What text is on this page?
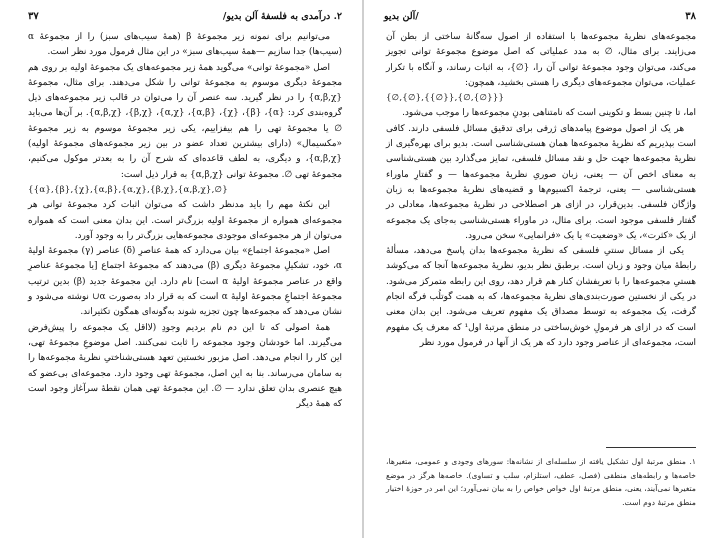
۲. درآمدی به فلسفهٔ آلن بدیو/
۳۷

می‌توانیم برای نمونه زیر مجموعهٔ β (همهٔ سیب‌های سبز) را از مجموعهٔ α (سیب‌ها) جدا سازیم —همهٔ سیب‌های سبز» در این مثال فرمول مورد نظر است.

اصل «مجموعهٔ توانی» می‌گوید همهٔ زیر مجموعه‌های یک مجموعهٔ اولیه بر روی هم مجموعهٔ دیگری موسوم به مجموعهٔ توانی را شکل می‌دهند. برای مثال، مجموعهٔ {α,β,χ} را در نظر گیرید. سه عنصر آن را می‌توان در قالب زیر مجموعه‌های ذیل گروه‌بندی کرد: {α}، {β}، {χ}، {α,β}، {α,χ}، {β,χ}، {α,β,χ}. بر آن‌ها می‌باید ∅ یا مجموعهٔ تهی را هم بیفزاییم، یکی زیر مجموعهٔ موسوم به زیر مجموعهٔ «مکسیمال» (دارای بیشترین تعداد عضو در بین زیر مجموعه‌های مجموعهٔ اولیه) {α,β,χ}، و دیگری، به لطف قاعده‌ای که شرح آن را به بعدتر موکول می‌کنیم، مجموعهٔ تهی ∅. مجموعهٔ توانی {α,β,χ} به قرار ذیل است:

{{α},{β},{χ},{α,β},{α,χ},{β,χ},{α,β,χ},∅}

این نکتهٔ مهم را باید مدنظر داشت که می‌توان اثبات کرد مجموعهٔ توانی هر مجموعه‌ای همواره از مجموعهٔ اولیه بزرگ‌تر است. این بدان معنی است که همواره می‌توان از هر مجموعه‌ای موجودی مجموعه‌هایی بزرگ‌تر را به وجود آورد.

اصل «مجموعهٔ اجتماع» بیان می‌دارد که همهٔ عناصرِ (δ) عناصر (γ) مجموعهٔ اولیهٔ α، خود، تشکیلِ مجموعهٔ دیگری (β) می‌دهند که مجموعهٔ اجتماع [یا مجموعهٔ عناصرِ واقع در عناصر مجموعهٔ اولیهٔ α است] نام دارد. این مجموعهٔ جدید (β) بدین ترتیب مجموعهٔ اجتماعِ مجموعهٔ اولیهٔ α است که به قرار داد به‌صورت α∪ نوشته می‌شود و نشان می‌دهد که مجموعه‌ها چون تجزیه شوند به‌گونه‌ای همگون تکثیراند.

همهٔ اصولی که تا این دم نام بردیم وجودِ (لااقل یک مجموعه را پیش‌فرض می‌گیرند. اما خودشان وجود مجموعه را ثابت نمی‌کنند. اصل موضوعِ مجموعهٔ تهی، این کار را انجام می‌دهد. اصل مزبور نخستین تعهد هستی‌شناختیِ نظریهٔ مجموعه‌ها را به سامان می‌رساند. بنا به این اصل، مجموعهٔ تهی وجود دارد. مجموعه‌ای بی‌عضو که هیچ عنصری بدان تعلق ندارد — ∅. این مجموعهٔ تهی همان نقطهٔ سرآغاز وجود است که همهٔ دیگر

۳۸
/آلن بدیو

مجموعه‌های نظریهٔ مجموعه‌ها با استفاده از اصول سه‌گانهٔ ساختی از بطن آن می‌زایند. برای مثال، ∅ به مدد عملیاتی که اصل موضوع مجموعهٔ توانی تجویز می‌کند، می‌توان وجود مجموعهٔ توانی آن را، {∅}، به اثبات رساند، و آنگاه با تکرار عملیات، می‌توان مجموعه‌های دیگری را هستی بخشید، همچون:

{∅,{∅},{{∅}},{∅,{∅}}}

اما، تا چنین بسط و تکوینی است که نامتناهی بودنِ مجموعه‌ها را موجب می‌شود.

هر یک از اصول موضوع پیامدهای ژرفی برای تدقیق مسائل فلسفی دارند. کافی است بپذیریم که نظریهٔ مجموعه‌ها همان هستی‌شناسی است. بدیو برای بهره‌گیری از نظریهٔ مجموعه‌ها جهت حل و نقد مسائل فلسفی، تمایز می‌گذارد بین هستی‌شناسی به معنای اخص آن — یعنی، زبان صوریِ نظریهٔ مجموعه‌ها — و گفتارِ ماوراء هستی‌شناسی — یعنی، ترجمهٔ اکسیوم‌ها و قضیه‌های نظریهٔ مجموعه‌ها به زبان واژگان فلسفی. بدین‌قرار، در ازای هر اصطلاحی در نظریهٔ مجموعه‌ها، معادلی در گفتار فلسفی موجود است. برای مثال، در ماوراء هستی‌شناسی به‌جای یک مجموعه از یک «کثرت»، یک «وضعیت» یا یک «فرانمایی» سخن می‌رود.

یکی از مسائل سنتیِ فلسفی که نظریهٔ مجموعه‌ها بدان پاسخ می‌دهد، مسألهٔ رابطهٔ میان وجود و زبان است. برطبق نظر بدیو، نظریهٔ مجموعه‌ها آنجا که می‌کوشد هستیِ مجموعه‌ها را با تعریفشان کنار هم قرار دهد، روی این رابطه متمرکز می‌شود. در یکی از نخستین صورت‌بندی‌های نظریهٔ مجموعه‌ها، که به همت گوتلُب فرگه انجام گرفت، یک مجموعه به توسط مصداق یک مفهوم تعریف می‌شود. این بدان معنی است که در ازای هر فرمولِ خوش‌ساختی در منطق مرتبهٔ اول¹ که معرف یک مفهوم است، مجموعه‌ای از عناصر وجود دارد که هر یک از آنها در فرمول مورد نظر

۱. منطق مرتبهٔ اول تشکیل یافته از سلسله‌ای از نشانه‌ها: سورهای وجودی و عمومی، متغیرها، خاصه‌ها و رابطه‌های منطقی (فصل، عطف، استلزام، سلب و تساوی). خاصه‌ها هرگز در موضع متغیرها نمی‌آیند، یعنی، منطق مرتبهٔ اول خواص خواص را به بیان نمی‌آورد؛ این امر در حوزهٔ اختیار منطق مرتبهٔ دوم است.
